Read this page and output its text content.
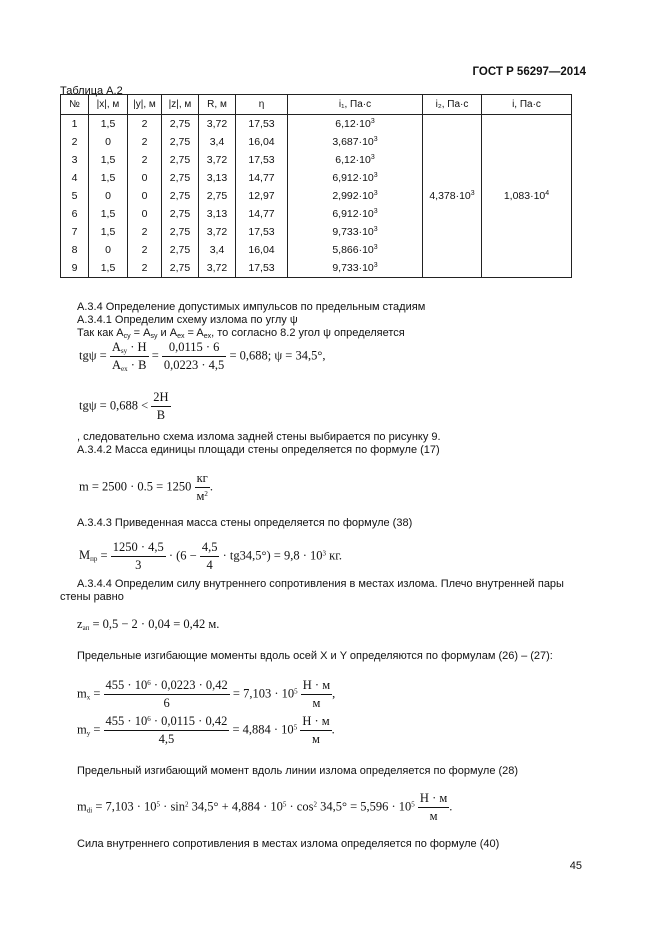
ГОСТ Р 56297—2014
Таблица А.2
№	|x|, м	|y|, м	|z|, м	R, м	η	i₁, Па·с	i₂, Па·с	i, Па·с
1	1,5	2	2,75	3,72	17,53	$6,12\cdot 10^3$	$4,378\cdot 10^3$	$1,083\cdot 10^4$
2	0	2	2,75	3,4	16,04	$3,687\cdot 10^3$
3	1,5	2	2,75	3,72	17,53	$6,12\cdot 10^3$
4	1,5	0	2,75	3,13	14,77	$6,912\cdot 10^3$
5	0	0	2,75	2,75	12,97	$2,992\cdot 10^3$
6	1,5	0	2,75	3,13	14,77	$6,912\cdot 10^3$
7	1,5	2	2,75	3,72	17,53	$9,733\cdot 10^3$
8	0	2	2,75	3,4	16,04	$5,866\cdot 10^3$
9	1,5	2	2,75	3,72	17,53	$9,733\cdot 10^3$
А.3.4 Определение допустимых импульсов по предельным стадиям
А.3.4.1 Определим схему излома по углу ψ
Так как $A_{су} = A_{sy}$ и $A_{ex} = A_{ex}$, то согласно 8.2 угол ψ определяется
$tg\psi = \frac{A_{sy} \cdot H}{A_{ex} \cdot B} = \frac{0,0115 \cdot 6}{0,0223 \cdot 4,5} = 0,688$; ψ = 34,5°,
$tg\psi = 0,688 < \frac{2H}{B}$
, следовательно схема излома задней стены выбирается по рисунку 9.
А.3.4.2 Масса единицы площади стены определяется по формуле (17)
$m = 2500 \cdot 0.5 = 1250 \frac{кг}{м^2}$ .
А.3.4.3 Приведенная масса стены определяется по формуле (38)
$M_{пр} = \frac{1250 \cdot 4,5}{3} \cdot (6 - \frac{4,5}{4} \cdot tg34,5^\circ) = 9,8 \cdot 10^3$ кг.
А.3.4.4 Определим силу внутреннего сопротивления в местах излома. Плечо внутренней пары
стены равно
$z_{ап} = 0,5 - 2 \cdot 0,04 = 0,42$ м.
Предельные изгибающие моменты вдоль осей X и Y определяются по формулам (26) – (27):
$m_x = \frac{455 \cdot 10^6 \cdot 0,0223 \cdot 0,42}{6} = 7,103 \cdot 10^5 \frac{Н \cdot м}{м}$ ,
$m_y = \frac{455 \cdot 10^6 \cdot 0,0115 \cdot 0,42}{4,5} = 4,884 \cdot 10^5 \frac{Н \cdot м}{м}$ .
Предельный изгибающий момент вдоль линии излома определяется по формуле (28)
$m_{di} = 7,103 \cdot 10^5 \cdot \sin^2 34,5^\circ + 4,884 \cdot 10^5 \cdot \cos^2 34,5^\circ = 5,596 \cdot 10^5 \frac{Н \cdot м}{м}$ .
Сила внутреннего сопротивления в местах излома определяется по формуле (40)
45
